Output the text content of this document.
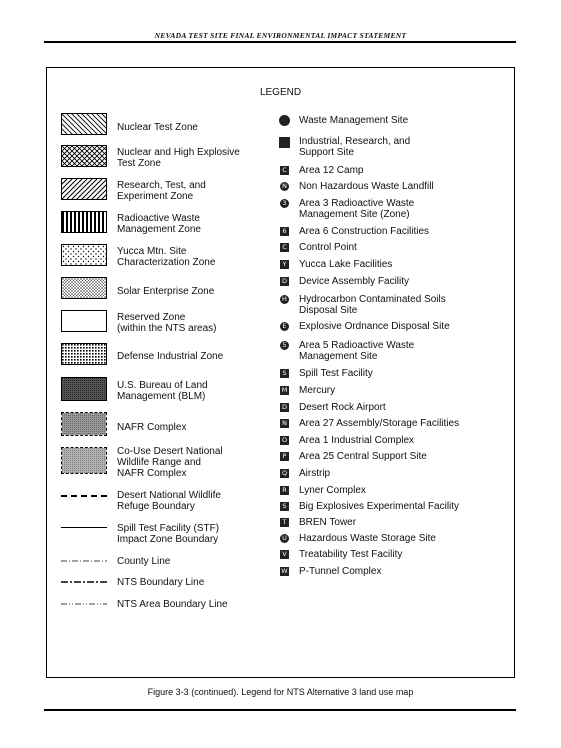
NEVADA TEST SITE FINAL ENVIRONMENTAL IMPACT STATEMENT
LEGEND
Nuclear Test Zone
Nuclear and High Explosive
Test Zone
Research, Test, and
Experiment Zone
Radioactive Waste
Management Zone
Yucca Mtn. Site
Characterization Zone
Solar Enterprise Zone
Reserved Zone
(within the NTS areas)
Defense Industrial Zone
U.S. Bureau of Land
Management (BLM)
NAFR Complex
Co-Use Desert National
Wildlife Range and
NAFR Complex
Desert National Wildlife
Refuge Boundary
Spill Test Facility (STF)
Impact Zone Boundary
County Line
NTS Boundary Line
NTS Area Boundary Line
Waste Management Site
Industrial, Research, and
Support Site
C Area 12 Camp
N Non Hazardous Waste Landfill
3 Area 3 Radioactive Waste
Management Site (Zone)
6 Area 6 Construction Facilities
C Control Point
Y Yucca Lake Facilities
D Device Assembly Facility
H Hydrocarbon Contaminated Soils
Disposal Site
E Explosive Ordnance Disposal Site
5 Area 5 Radioactive Waste
Management Site
S Spill Test Facility
M Mercury
D Desert Rock Airport
N Area 27 Assembly/Storage Facilities
O Area 1 Industrial Complex
P Area 25 Central Support Site
Q Airstrip
R Lyner Complex
S Big Explosives Experimental Facility
T BREN Tower
U Hazardous Waste Storage Site
V Treatability Test Facility
W P-Tunnel Complex
Figure 3-3 (continued). Legend for NTS Alternative 3 land use map
